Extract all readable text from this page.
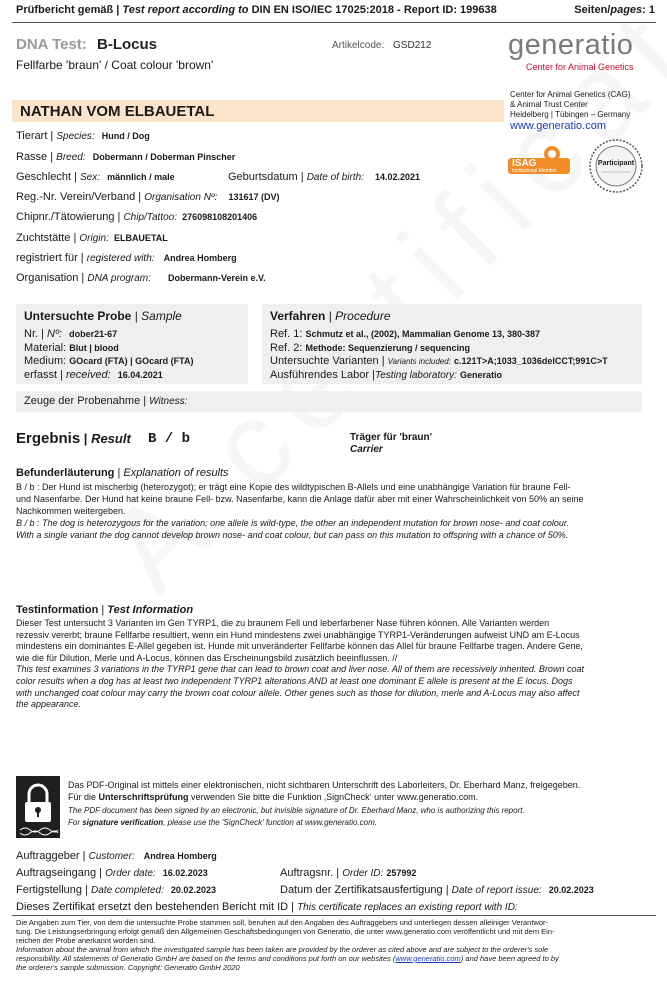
Prüfbericht gemäß | Test report according to DIN EN ISO/IEC 17025:2018 - Report ID: 199638	Seiten/pages: 1
DNA Test: B-Locus	Artikelcode: GSD212
Fellfarbe 'braun' / Coat colour 'brown'
generatio
Center for Animal Genetics
Center for Animal Genetics (CAG)
& Animal Trust Center
Heidelberg | Tübingen – Germany
www.generatio.com
ISAG
Institutional Member
Participant
NATHAN VOM ELBAUETAL
Tierart | Species: Hund / Dog
Rasse | Breed: Dobermann / Doberman Pinscher
Geschlecht | Sex: männlich / male	Geburtsdatum | Date of birth: 14.02.2021
Reg.-Nr. Verein/Verband | Organisation Nº: 131617 (DV)
Chipnr./Tätowierung | Chip/Tattoo: 276098108201406
Zuchtstätte | Origin: ELBAUETAL
registriert für | registered with: Andrea Homberg
Organisation | DNA program: Dobermann-Verein e.V.
Untersuchte Probe | Sample
Nr. | Nº: dober21-67
Material: Blut | blood
Medium: GOcard (FTA) | GOcard (FTA)
erfasst | received: 16.04.2021
Verfahren | Procedure
Ref. 1: Schmutz et al., (2002), Mammalian Genome 13, 380-387
Ref. 2: Methode: Sequenzierung / sequencing
Untersuchte Varianten | Variants included: c.121T>A;1033_1036delCCT;991C>T
Ausführendes Labor |Testing laboratory: Generatio
Zeuge der Probenahme | Witness:
Ergebnis | Result B / b	Träger für 'braun'
Carrier
Befunderläuterung | Explanation of results
B / b : Der Hund ist mischerbig (heterozygot); er trägt eine Kopie des wildtypischen B-Allels und eine unabhängige Variation für braune Fell-
und Nasenfarbe. Der Hund hat keine braune Fell- bzw. Nasenfarbe, kann die Anlage dafür aber mit einer Wahrscheinlichkeit von 50% an seine
Nachkommen weitergeben.
B / b : The dog is heterozygous for the variation; one allele is wild-type, the other an independent mutation for brown nose- and coat colour.
With a single variant the dog cannot develop brown nose- and coat colour, but can pass on this mutation to offspring with a chance of 50%.
Testinformation | Test Information
Dieser Test untersucht 3 Varianten im Gen TYRP1, die zu braunem Fell und leberfarbener Nase führen können. Alle Varianten werden
rezessiv vererbt; braune Fellfarbe resultiert, wenn ein Hund mindestens zwei unabhängige TYRP1-Veränderungen aufweist UND am E-Locus
mindestens ein dominantes E-Allel gegeben ist. Hunde mit unveränderter Fellfarbe können das Allel für braune Fellfarbe tragen. Andere Gene,
wie die für Dilution, Merle und A-Locus, können das Erscheinungsbild zusätzlich beeinflussen. //
This test examines 3 variations in the TYRP1 gene that can lead to brown coat and liver nose. All of them are recessively inherited. Brown coat
color results when a dog has at least two independent TYRP1 alterations AND at least one dominant E allele is present at the E locus. Dogs
with unchanged coat colour may carry the brown coat colour allele. Other genes such as those for dilution, merle and A-Locus may also affect
the appearance.
Das PDF-Original ist mittels einer elektronischen, nicht sichtbaren Unterschrift des Laborleiters, Dr. Eberhard Manz, freigegeben.
Für die Unterschriftsprüfung verwenden Sie bitte die Funktion ‚SignCheck‘ unter www.generatio.com.
The PDF document has been signed by an electronic, but invisible signature of Dr. Eberhard Manz, who is authorizing this report.
For signature verification, please use the 'SignCheck' function at www.generatio.com.
Auftraggeber | Customer: Andrea Homberg
Auftragseingang | Order date: 16.02.2023	Auftragsnr. | Order ID: 257992
Fertigstellung | Date completed: 20.02.2023	Datum der Zertifikatsausfertigung | Date of report issue: 20.02.2023
Dieses Zertifikat ersetzt den bestehenden Bericht mit ID | This certificate replaces an existing report with ID:
Die Angaben zum Tier, von dem die untersuchte Probe stammen soll, beruhen auf den Angaben des Auftraggebers und unterliegen dessen alleiniger Verantwor-
tung. Die Leistungserbringung erfolgt gemäß den Allgemeinen Geschäftsbedingungen von Generatio, die unter www.generatio.com veröffentlicht und mit dem Ein-
reichen der Probe anerkannt worden sind.
Information about the animal from which the investigated sample has been taken are provided by the orderer as cited above and are subject to the orderer's sole
responsibility. All statements of Generatio GmbH are based on the terms and conditions put forth on our websites (www.generatio.com) and have been agreed to by
the orderer's sample submission. Copyright: Generatio GmbH 2020
